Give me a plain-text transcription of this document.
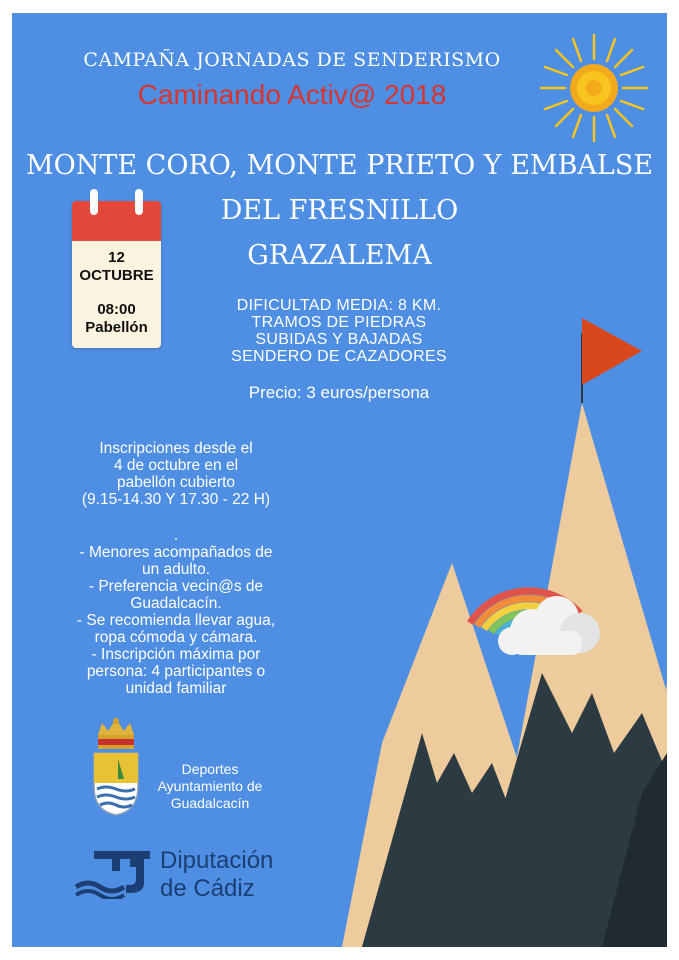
CAMPAÑA JORNADAS DE SENDERISMO
Caminando Activ@ 2018
MONTE CORO, MONTE PRIETO Y EMBALSE
DEL FRESNILLO
GRAZALEMA
12
OCTUBRE
08:00
Pabellón
DIFICULTAD MEDIA: 8 KM.
TRAMOS DE PIEDRAS
SUBIDAS Y BAJADAS
SENDERO DE CAZADORES
Precio: 3 euros/persona
Inscripciones desde el
4 de octubre en el
pabellón cubierto
(9.15-14.30 Y 17.30 - 22 H)
.
- Menores acompañados de
un adulto.
- Preferencia vecin@s de
Guadalcacín.
- Se recomienda llevar agua,
ropa cómoda y cámara.
- Inscripción máxima por
persona: 4 participantes o
unidad familiar
Deportes
Ayuntamiento de
Guadalcacín
Diputación
de Cádiz
